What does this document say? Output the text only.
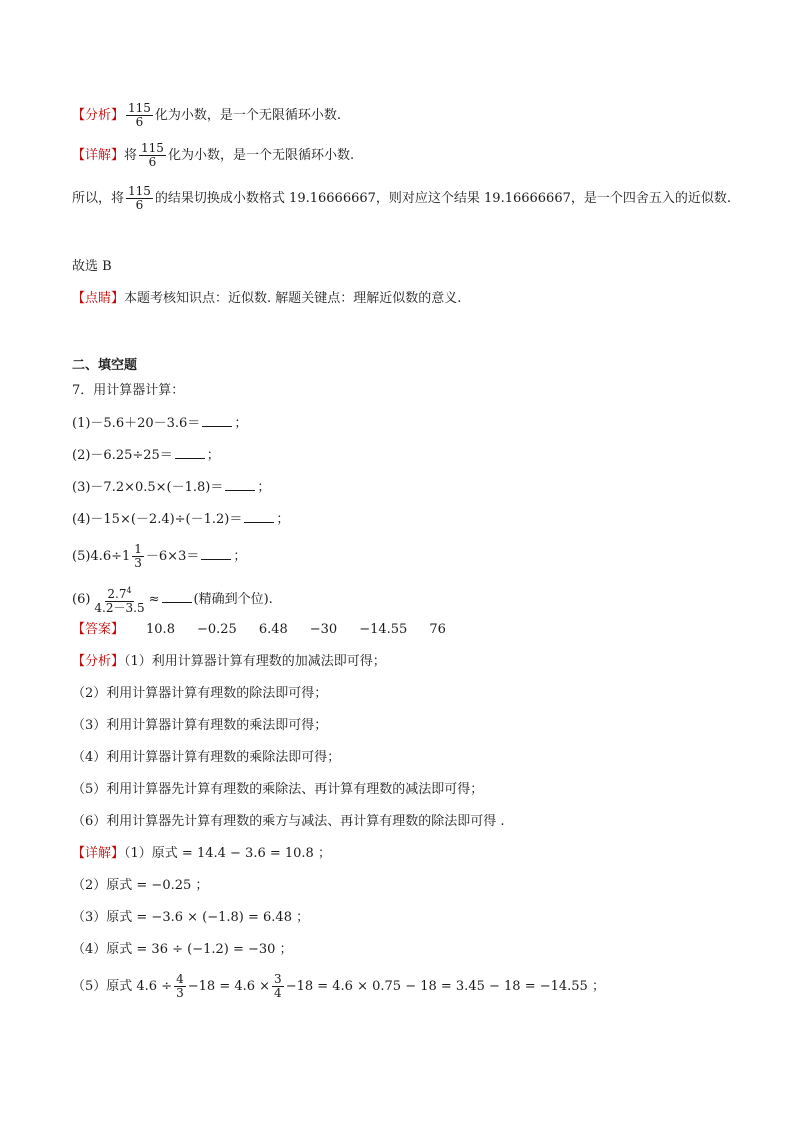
【分析】 $\frac{115}{6}$ 化为小数，是一个无限循环小数.
【详解】将 $\frac{115}{6}$ 化为小数，是一个无限循环小数.
所以，将 $\frac{115}{6}$ 的结果切换成小数格式 19.16666667，则对应这个结果 19.16666667，是一个四舍五入的近似数.
故选 B
【点睛】本题考核知识点：近似数. 解题关键点：理解近似数的意义.
二、填空题
7．用计算器计算：
(1)－5.6＋20－3.6＝	；
(2)－6.25÷25＝	；
(3)－7.2×0.5×(－1.8)＝	；
(4)－15×(－2.4)÷(－1.2)＝	；
$(5)4.6\div 1 \frac{1}{3} -6\times 3=$	；
$(6) \frac{2.7^4}{4.2-3.5}$ ≈	(精确到个位).
【答案】 10.8 −0.25 6.48 −30 −14.55 76
【分析】（1）利用计算器计算有理数的加减法即可得；
（2）利用计算器计算有理数的除法即可得；
（3）利用计算器计算有理数的乘法即可得；
（4）利用计算器计算有理数的乘除法即可得；
（5）利用计算器先计算有理数的乘除法、再计算有理数的减法即可得；
（6）利用计算器先计算有理数的乘方与减法、再计算有理数的除法即可得 .
【详解】（1）原式 = 14.4 − 3.6 = 10.8 ；
（2）原式 = −0.25 ；
（3）原式 = −3.6 × (−1.8) = 6.48 ；
（4）原式 = 36 ÷ (−1.2) = −30 ；
（5）原式 $4.6 \div \frac{4}{3} -18 = 4.6 \times \frac{3}{4} -18 = 4.6 \times 0.75 - 18 = 3.45 - 18 = -14.55$ ；
